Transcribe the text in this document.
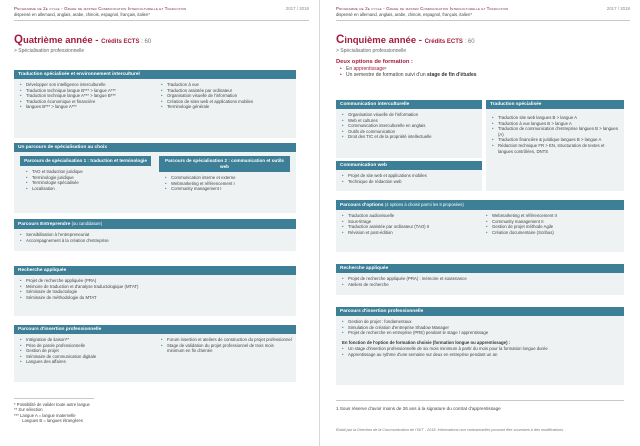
Programme de 2e cycle - Grade de master Communication Interculturelle et Traduction
dispensé en allemand, anglais, arabe, chinois, espagnol, français, italien*
2017 / 2018
Quatrième année - Crédits ECTS : 60
> Spécialisation professionnelle
Traduction spécialisée et environnement interculturel
• Développer son intelligence interculturelle
• Traduction technique langue B*** > langue A***
• Traduction technique langue A*** > langue B***
• Traduction économique et financière
• langues B*** > langue A***
• Traduction à vue
• Traduction assistée par ordinateur
• Organisation visuelle de l'information
• Création de sites web et applications mobiles
• Terminologie générale
Un parcours de spécialisation au choix
Parcours de spécialisation 1 : traduction et terminologie
• TAO et traduction juridique
• Terminologie juridique
• Terminologie spécialisée
• Localisation
Parcours de spécialisation 2 : communication et outils web
• Communication interne et externe
• Webmarketing et référencement I
• Community management I
Parcours Entreprendre (ou candidature)
• Sensibilisation à l'entrepreneuriat
• Accompagnement à la création d'entreprise
Recherche appliquée
• Projet de recherche appliquée (PRA)
• Mémoire de traduction et d'analyse traductologique (MTAT)
• Séminaire de traductologie
• Séminaire de méthodologie du MTAT
Parcours d'insertion professionnelle
• Intégration de liaison**
• Prise de parole professionnelle
• Gestion de projet
• Séminaire de communication digitale
• Langues des affaires
• Forum insertion et ateliers de construction du projet professionnel
• Stage de validation du projet professionnel de trois mois minimum en fin d'année
* Possibilité de valider toute autre langue
** Sur sélection
*** Langue A = langue maternelle
Langues B = langues étrangères
Programme de 2e cycle - Grade de master Communication Interculturelle et Traduction
dispensé en allemand, anglais, arabe, chinois, espagnol, français, italien*
2017 / 2018
Cinquième année - Crédits ECTS : 60
> Spécialisation professionnelle
Deux options de formation :
• En apprentissage¹
• Un semestre de formation suivi d'un stage de fin d'études
Communication interculturelle
• Organisation visuelle de l'information
• Web et cultures
• Communication interculturelle en anglais
• Outils de communication
• Droit des TIC et de la propriété intellectuelle
Communication web
• Projet de site web et applications mobiles
• Technique de rédaction web
Traduction spécialisée
• Traduction site web langues B > langue A
• Traduction à vue langues B > langue A
• Traduction de communication d'entreprise langues B > langues (A)
• Traduction financière & juridique langues B > langue A
• Rédaction technique FR > EN, structuration de textes et langues contrôlées, DNTS
Parcours d'options (4 options à choisir parmi les 9 proposées)
• Traduction audiovisuelle
• Sous-titrage
• Traduction assistée par ordinateur (TAO) II
• Révision et post-édition
• Webmarketing et référencement II
• Community management II
• Gestion de projet méthode Agile
• Création documentaire (Scribus)
Recherche appliquée
• Projet de recherche appliquée (PRA) : mémoire et soutenance
• Ateliers de recherche
Parcours d'insertion professionnelle
• Gestion de projet : fondamentaux
• Simulation de création d'entreprise Shadow Manager
• Projet de recherche en entreprise (PRE) pendant le stage / apprentissage
En fonction de l'option de formation choisie (formation longue ou apprentissage) :
• Un stage d'insertion professionnelle de six mois minimum à partir du mois pour la formation longue durée
• Apprentissage au rythme d'une semaine sur deux en entreprise pendant un an
1 Sous réserve d'avoir moins de 26 ans à la signature du contrat d'apprentissage
Établi par la Direction de la Communication de l'ISIT - 2018. Informations non contractuelles pouvant être soumises à des modifications.
